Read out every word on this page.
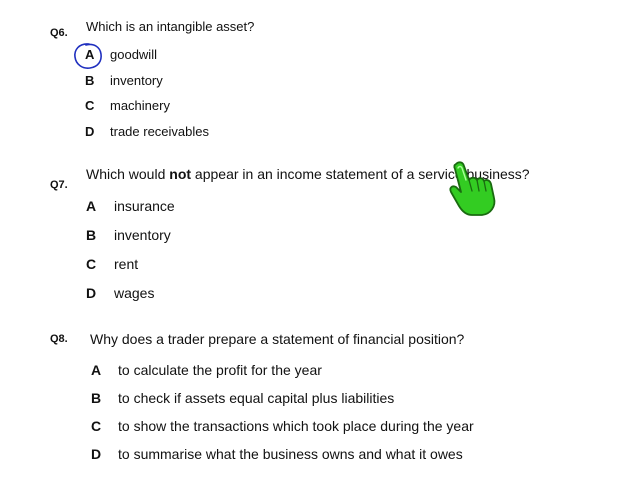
Q6. Which is an intangible asset?
A goodwill
B inventory
C machinery
D trade receivables
Q7.
Which would not appear in an income statement of a service business?
A insurance
B inventory
C rent
D wages
Q8. Why does a trader prepare a statement of financial position?
A to calculate the profit for the year
B to check if assets equal capital plus liabilities
C to show the transactions which took place during the year
D to summarise what the business owns and what it owes
